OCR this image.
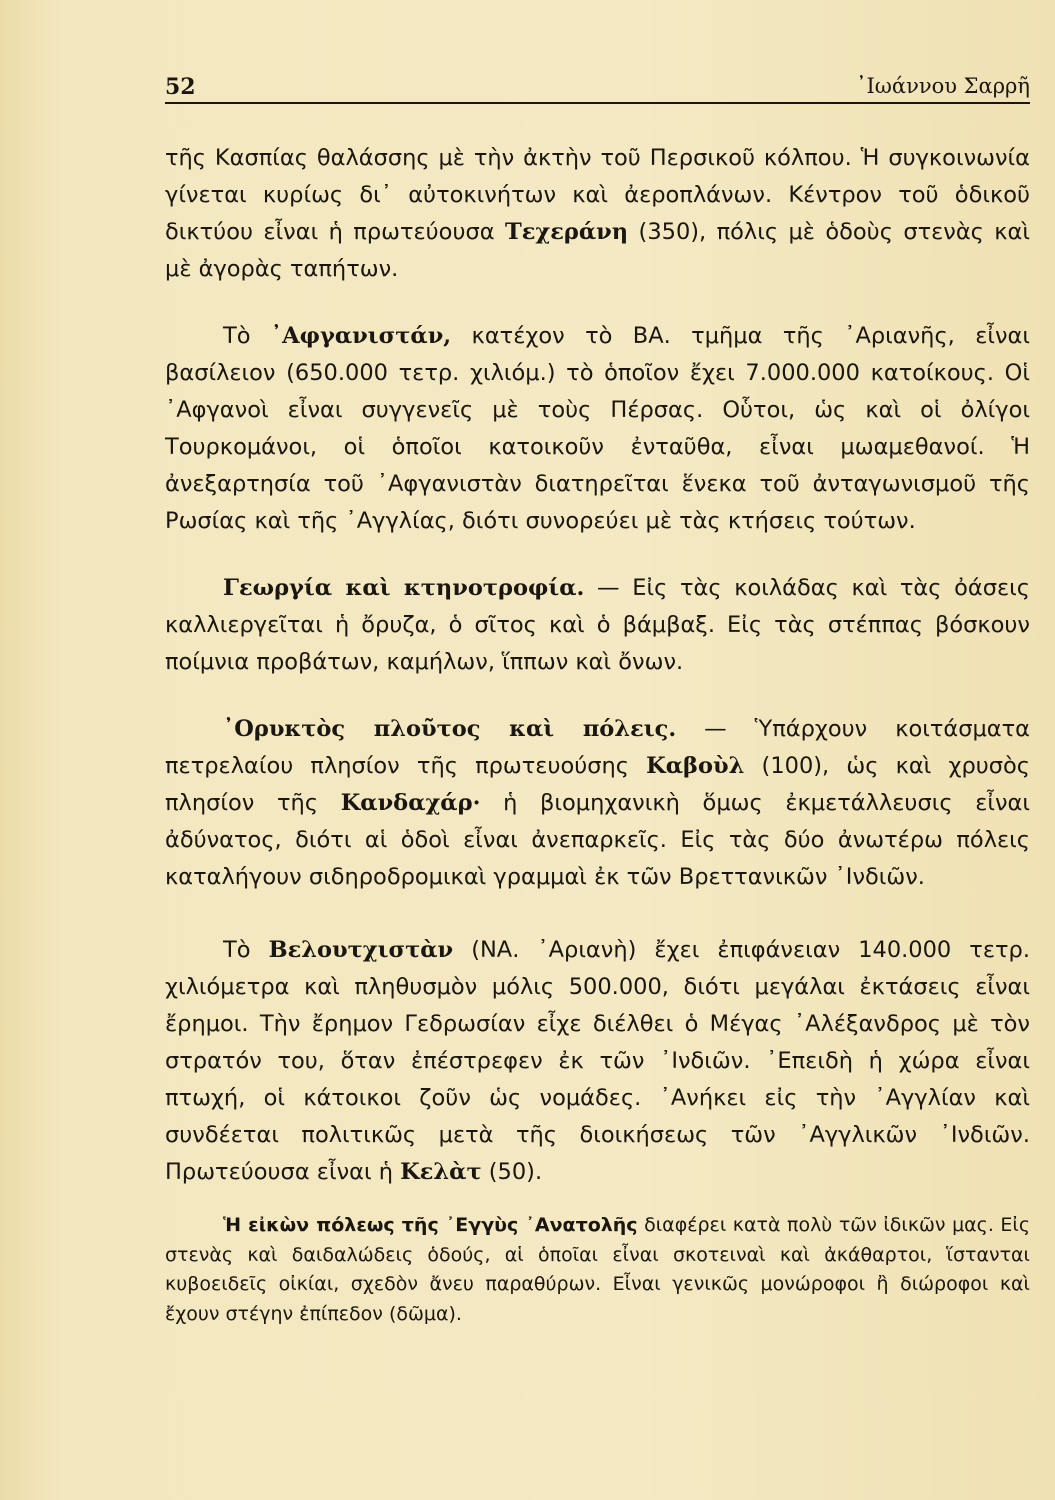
52	᾿Ιωάννου Σαρρῆ

τῆς Κασπίας θαλάσσης μὲ τὴν ἀκτὴν τοῦ Περσικοῦ κόλπου. Ἡ συγκοινωνία γίνεται κυρίως δι᾿ αὐτοκινήτων καὶ ἀεροπλάνων. Κέντρον τοῦ ὁδικοῦ δικτύου εἶναι ἡ πρωτεύουσα Τεχεράνη (350), πόλις μὲ ὁδοὺς στενὰς καὶ μὲ ἀγορὰς ταπήτων.

Τὸ ᾿Αφγανιστάν, κατέχον τὸ ΒΑ. τμῆμα τῆς ᾿Αριανῆς, εἶναι βασίλειον (650.000 τετρ. χιλιόμ.) τὸ ὁποῖον ἔχει 7.000.000 κατοίκους. Οἱ ᾿Αφγανοὶ εἶναι συγγενεῖς μὲ τοὺς Πέρσας. Οὗτοι, ὡς καὶ οἱ ὀλίγοι Τουρκομάνοι, οἱ ὁποῖοι κατοικοῦν ἐνταῦθα, εἶναι μωαμεθανοί. Ἡ ἀνεξαρτησία τοῦ ᾿Αφγανιστὰν διατηρεῖται ἕνεκα τοῦ ἀνταγωνισμοῦ τῆς Ρωσίας καὶ τῆς ᾿Αγγλίας, διότι συνορεύει μὲ τὰς κτήσεις τούτων.

Γεωργία καὶ κτηνοτροφία. — Εἰς τὰς κοιλάδας καὶ τὰς ὀάσεις καλλιεργεῖται ἡ ὄρυζα, ὁ σῖτος καὶ ὁ βάμβαξ. Εἰς τὰς στέππας βόσκουν ποίμνια προβάτων, καμήλων, ἵππων καὶ ὄνων.

᾿Ορυκτὸς πλοῦτος καὶ πόλεις. — Ὑπάρχουν κοιτάσματα πετρελαίου πλησίον τῆς πρωτευούσης Καβοὺλ (100), ὡς καὶ χρυσὸς πλησίον τῆς Κανδαχάρ· ἡ βιομηχανικὴ ὅμως ἐκμετάλλευσις εἶναι ἀδύνατος, διότι αἱ ὁδοὶ εἶναι ἀνεπαρκεῖς. Εἰς τὰς δύο ἀνωτέρω πόλεις καταλήγουν σιδηροδρομικαὶ γραμμαὶ ἐκ τῶν Βρεττανικῶν ᾿Ινδιῶν.

Τὸ Βελουτχιστὰν (ΝΑ. ᾿Αριανὴ) ἔχει ἐπιφάνειαν 140.000 τετρ. χιλιόμετρα καὶ πληθυσμὸν μόλις 500.000, διότι μεγάλαι ἐκτάσεις εἶναι ἔρημοι. Τὴν ἔρημον Γεδρωσίαν εἶχε διέλθει ὁ Μέγας ᾿Αλέξανδρος μὲ τὸν στρατόν του, ὅταν ἐπέστρεφεν ἐκ τῶν ᾿Ινδιῶν. ᾿Επειδὴ ἡ χώρα εἶναι πτωχή, οἱ κάτοικοι ζοῦν ὡς νομάδες. ᾿Ανήκει εἰς τὴν ᾿Αγγλίαν καὶ συνδέεται πολιτικῶς μετὰ τῆς διοικήσεως τῶν ᾿Αγγλικῶν ᾿Ινδιῶν. Πρωτεύουσα εἶναι ἡ Κελὰτ (50).

Ἡ εἰκὼν πόλεως τῆς ᾿Εγγὺς ᾿Ανατολῆς διαφέρει κατὰ πολὺ τῶν ἰδικῶν μας. Εἰς στενὰς καὶ δαιδαλώδεις ὁδούς, αἱ ὁποῖαι εἶναι σκοτειναὶ καὶ ἀκάθαρτοι, ἵστανται κυβοειδεῖς οἰκίαι, σχεδὸν ἄνευ παραθύρων. Εἶναι γενικῶς μονώροφοι ἢ διώροφοι καὶ ἔχουν στέγην ἐπίπεδον (δῶμα).
